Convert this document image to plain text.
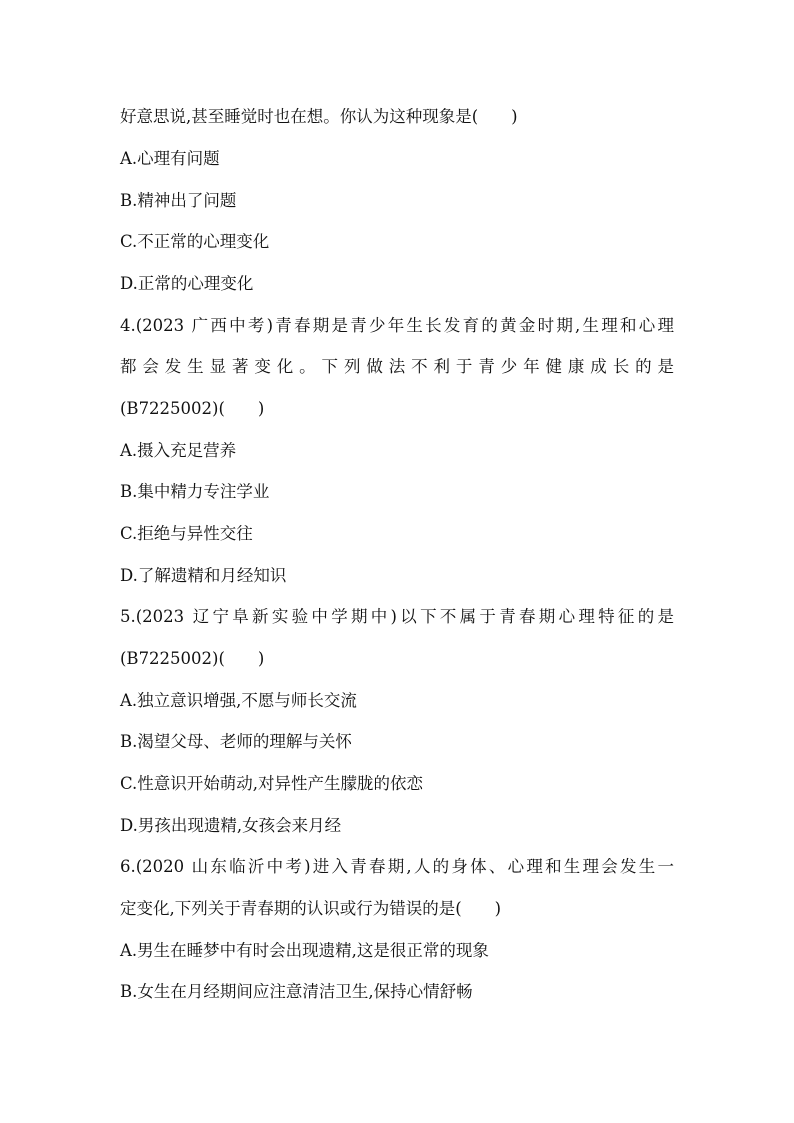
好意思说,甚至睡觉时也在想。你认为这种现象是(　　)
A.心理有问题
B.精神出了问题
C.不正常的心理变化
D.正常的心理变化
4.(2023 广西中考)青春期是青少年生长发育的黄金时期,生理和心理
都会发生显著变化。下列做法不利于青少年健康成长的是
(B7225002)(　　)
A.摄入充足营养
B.集中精力专注学业
C.拒绝与异性交往
D.了解遗精和月经知识
5.(2023 辽宁阜新实验中学期中)以下不属于青春期心理特征的是
(B7225002)(　　)
A.独立意识增强,不愿与师长交流
B.渴望父母、老师的理解与关怀
C.性意识开始萌动,对异性产生朦胧的依恋
D.男孩出现遗精,女孩会来月经
6.(2020 山东临沂中考)进入青春期,人的身体、心理和生理会发生一
定变化,下列关于青春期的认识或行为错误的是(　　)
A.男生在睡梦中有时会出现遗精,这是很正常的现象
B.女生在月经期间应注意清洁卫生,保持心情舒畅
